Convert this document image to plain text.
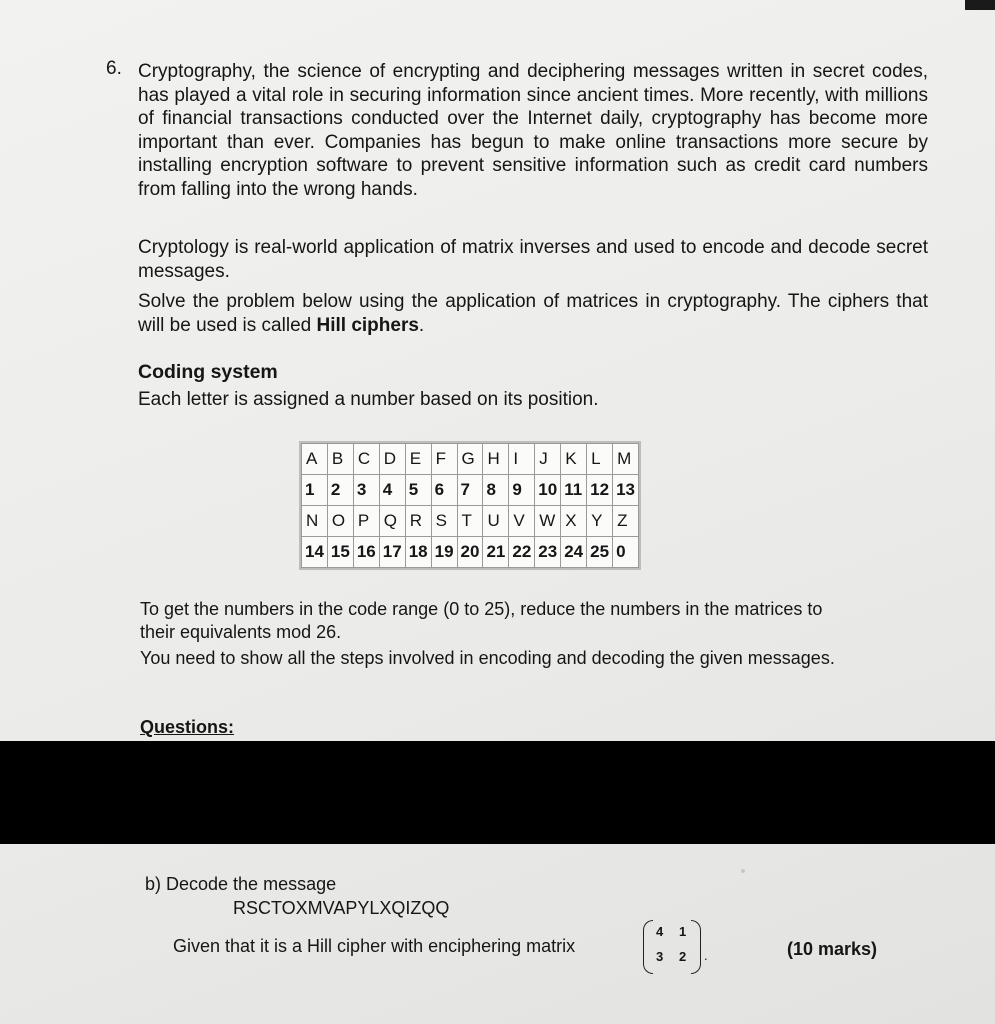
6. Cryptography, the science of encrypting and deciphering messages written in secret codes, has played a vital role in securing information since ancient times. More recently, with millions of financial transactions conducted over the Internet daily, cryptography has become more important than ever. Companies has begun to make online transactions more secure by installing encryption software to prevent sensitive information such as credit card numbers from falling into the wrong hands.

Cryptology is real-world application of matrix inverses and used to encode and decode secret messages.

Solve the problem below using the application of matrices in cryptography. The ciphers that will be used is called Hill ciphers.

Coding system
Each letter is assigned a number based on its position.
A	B	C	D	E	F	G	H	I	J	K	L	M
1	2	3	4	5	6	7	8	9	10	11	12	13
N	O	P	Q	R	S	T	U	V	W	X	Y	Z
14	15	16	17	18	19	20	21	22	23	24	25	0

To get the numbers in the code range (0 to 25), reduce the numbers in the matrices to their equivalents mod 26.

You need to show all the steps involved in encoding and decoding the given messages.

Questions:
b) Decode the message
RSCTOXMVAPYLXQIZQQ
Given that it is a Hill cipher with enciphering matrix
4 1
3 2 .	(10 marks)
